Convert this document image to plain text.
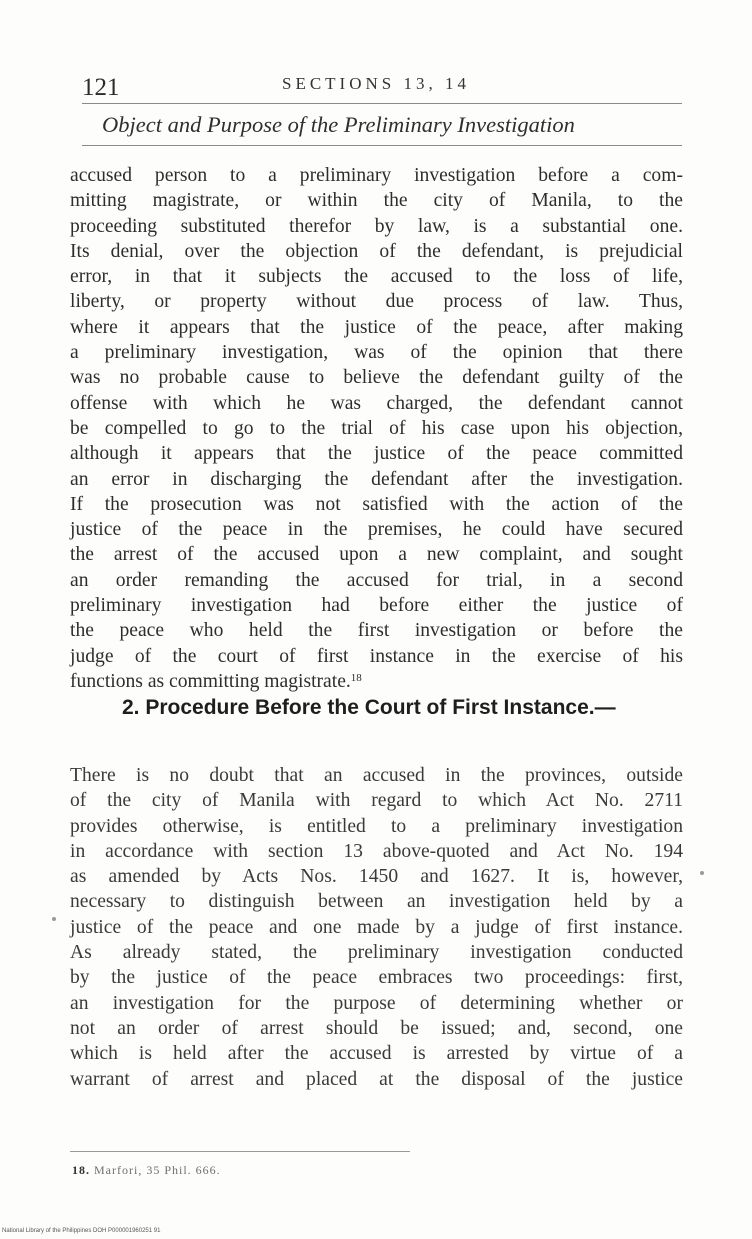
121	SECTIONS 13, 14
Object and Purpose of the Preliminary Investigation
accused person to a preliminary investigation before a com-
mitting magistrate, or within the city of Manila, to the
proceeding substituted therefor by law, is a substantial one.
Its denial, over the objection of the defendant, is prejudicial
error, in that it subjects the accused to the loss of life,
liberty, or property without due process of law. Thus,
where it appears that the justice of the peace, after making
a preliminary investigation, was of the opinion that there
was no probable cause to believe the defendant guilty of the
offense with which he was charged, the defendant cannot
be compelled to go to the trial of his case upon his objection,
although it appears that the justice of the peace committed
an error in discharging the defendant after the investigation.
If the prosecution was not satisfied with the action of the
justice of the peace in the premises, he could have secured
the arrest of the accused upon a new complaint, and sought
an order remanding the accused for trial, in a second
preliminary investigation had before either the justice of
the peace who held the first investigation or before the
judge of the court of first instance in the exercise of his
functions as committing magistrate.$^{18}$
2. Procedure Before the Court of First Instance.—
There is no doubt that an accused in the provinces, outside
of the city of Manila with regard to which Act No. 2711
provides otherwise, is entitled to a preliminary investigation
in accordance with section 13 above-quoted and Act No. 194
as amended by Acts Nos. 1450 and 1627. It is, however,
necessary to distinguish between an investigation held by a
justice of the peace and one made by a judge of first instance.
As already stated, the preliminary investigation conducted
by the justice of the peace embraces two proceedings: first,
an investigation for the purpose of determining whether or
not an order of arrest should be issued; and, second, one
which is held after the accused is arrested by virtue of a
warrant of arrest and placed at the disposal of the justice
18. Marfori, 35 Phil. 666.
National Library of the Philippines DOH P000001960251 91
